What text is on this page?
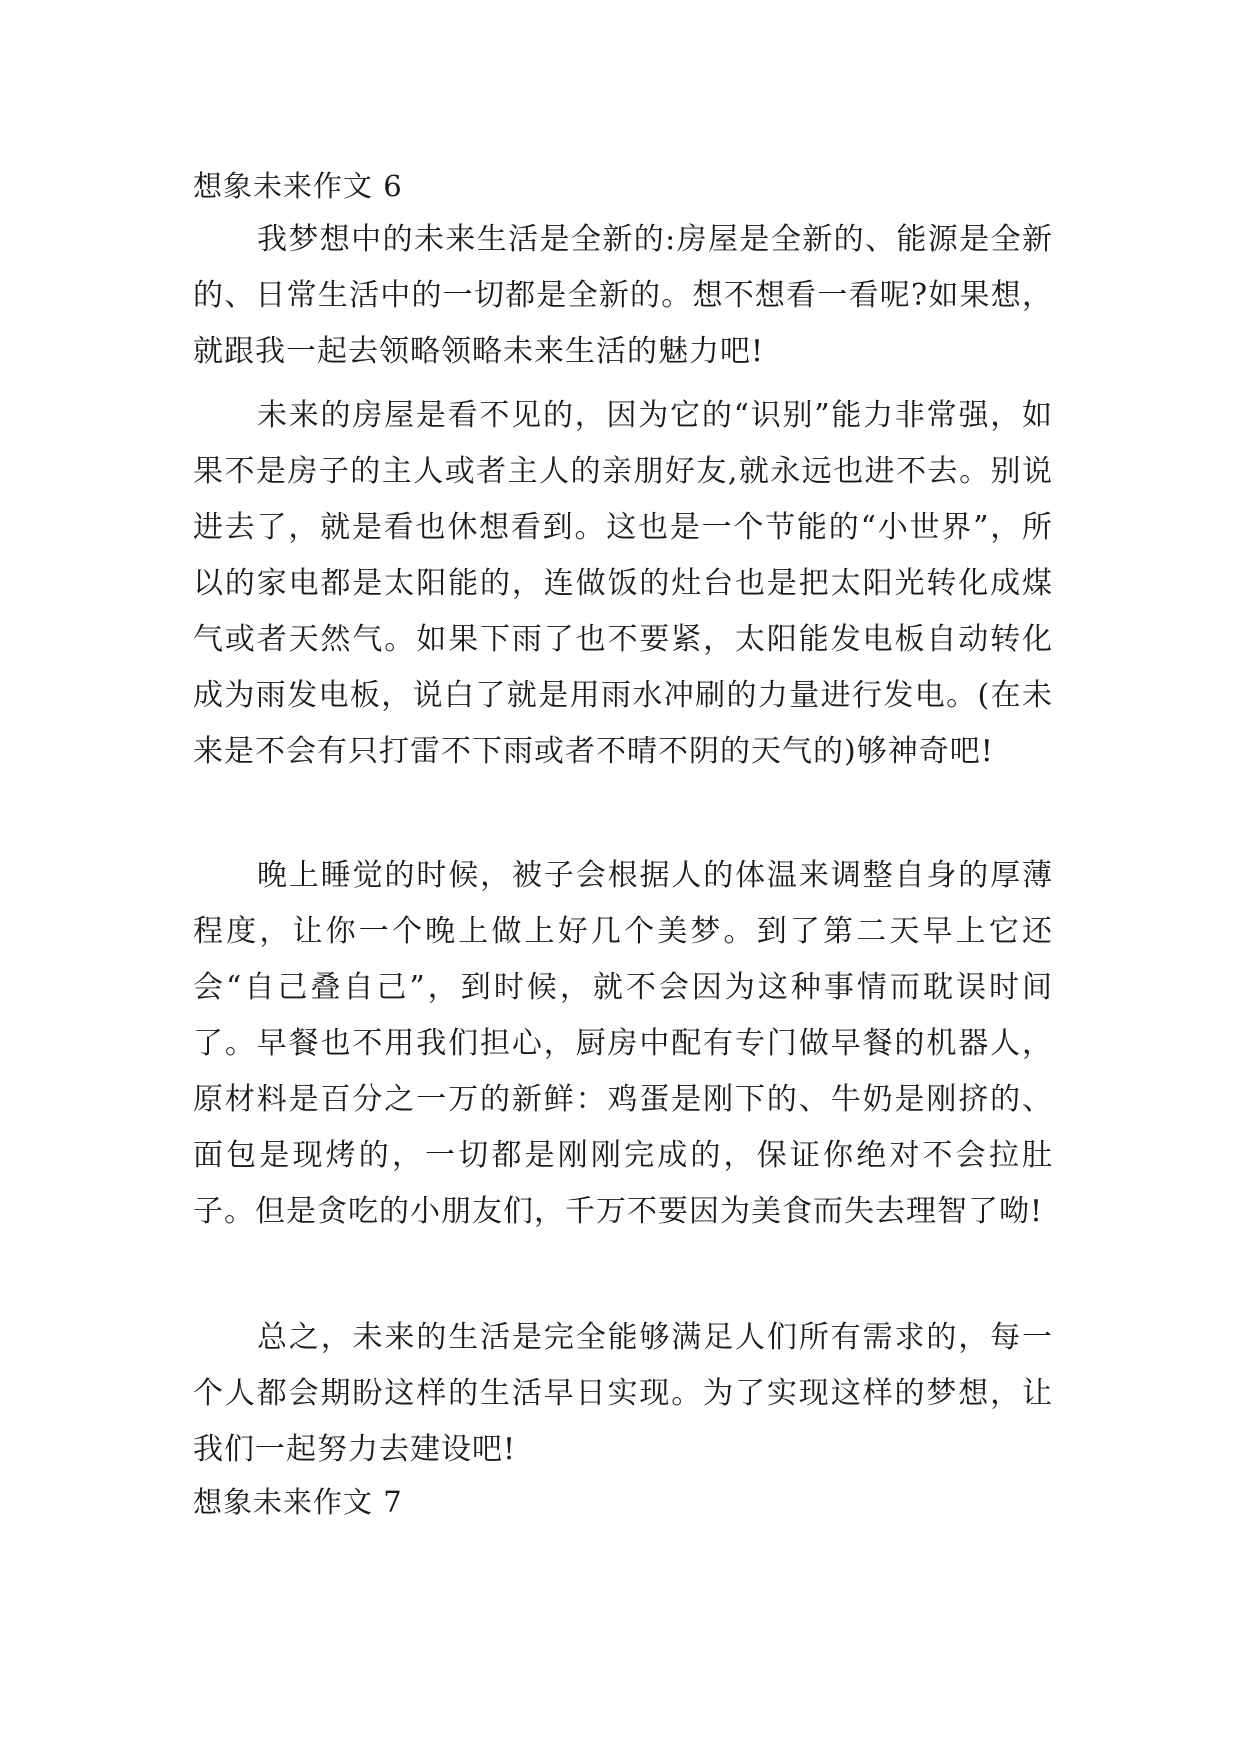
想象未来作文 6

我梦想中的未来生活是全新的:房屋是全新的、能源是全新的、日常生活中的一切都是全新的。想不想看一看呢?如果想，就跟我一起去领略领略未来生活的魅力吧!

未来的房屋是看不见的，因为它的“识别”能力非常强，如果不是房子的主人或者主人的亲朋好友,就永远也进不去。别说进去了，就是看也休想看到。这也是一个节能的“小世界”，所以的家电都是太阳能的，连做饭的灶台也是把太阳光转化成煤气或者天然气。如果下雨了也不要紧，太阳能发电板自动转化成为雨发电板，说白了就是用雨水冲刷的力量进行发电。(在未来是不会有只打雷不下雨或者不晴不阴的天气的)够神奇吧!

晚上睡觉的时候，被子会根据人的体温来调整自身的厚薄程度，让你一个晚上做上好几个美梦。到了第二天早上它还会“自己叠自己”，到时候，就不会因为这种事情而耽误时间了。早餐也不用我们担心，厨房中配有专门做早餐的机器人，原材料是百分之一万的新鲜：鸡蛋是刚下的、牛奶是刚挤的、面包是现烤的，一切都是刚刚完成的，保证你绝对不会拉肚子。但是贪吃的小朋友们，千万不要因为美食而失去理智了呦!

总之，未来的生活是完全能够满足人们所有需求的，每一个人都会期盼这样的生活早日实现。为了实现这样的梦想，让我们一起努力去建设吧!

想象未来作文 7
